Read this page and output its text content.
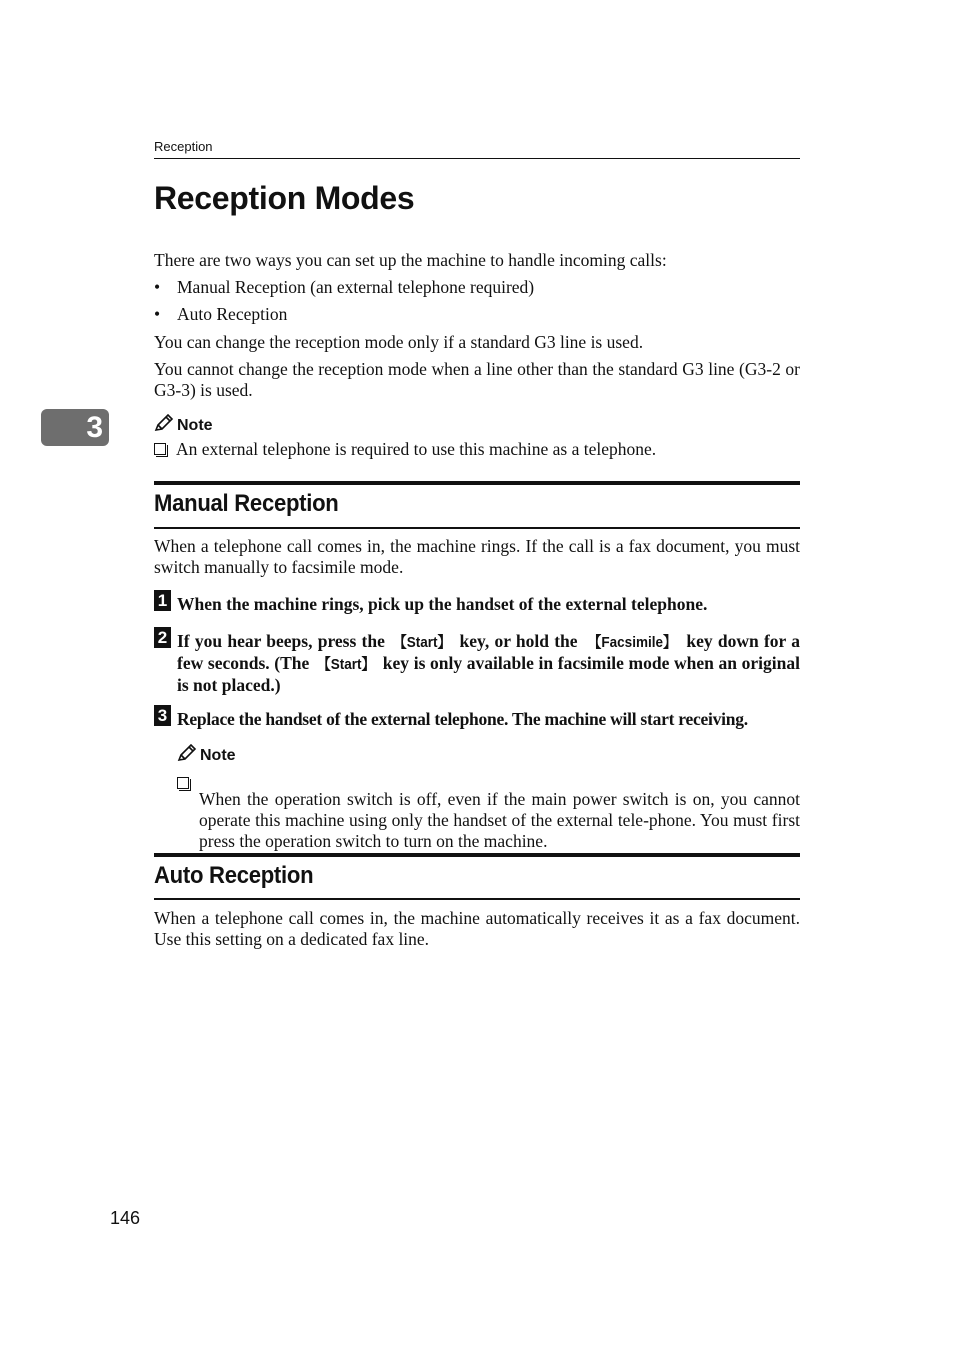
Reception
Reception Modes
3
There are two ways you can set up the machine to handle incoming calls:
• Manual Reception (an external telephone required)
• Auto Reception
You can change the reception mode only if a standard G3 line is used.
You cannot change the reception mode when a line other than the standard G3 line (G3-2 or G3-3) is used.
Note
An external telephone is required to use this machine as a telephone.
Manual Reception
When a telephone call comes in, the machine rings. If the call is a fax document, you must switch manually to facsimile mode.
1 When the machine rings, pick up the handset of the external telephone.
2 If you hear beeps, press the 【Start】 key, or hold the 【Facsimile】 key down for a few seconds. (The 【Start】 key is only available in facsimile mode when an original is not placed.)
3 Replace the handset of the external telephone. The machine will start receiving.
Note
When the operation switch is off, even if the main power switch is on, you cannot operate this machine using only the handset of the external tele-phone. You must first press the operation switch to turn on the machine.
Auto Reception
When a telephone call comes in, the machine automatically receives it as a fax document. Use this setting on a dedicated fax line.
146
